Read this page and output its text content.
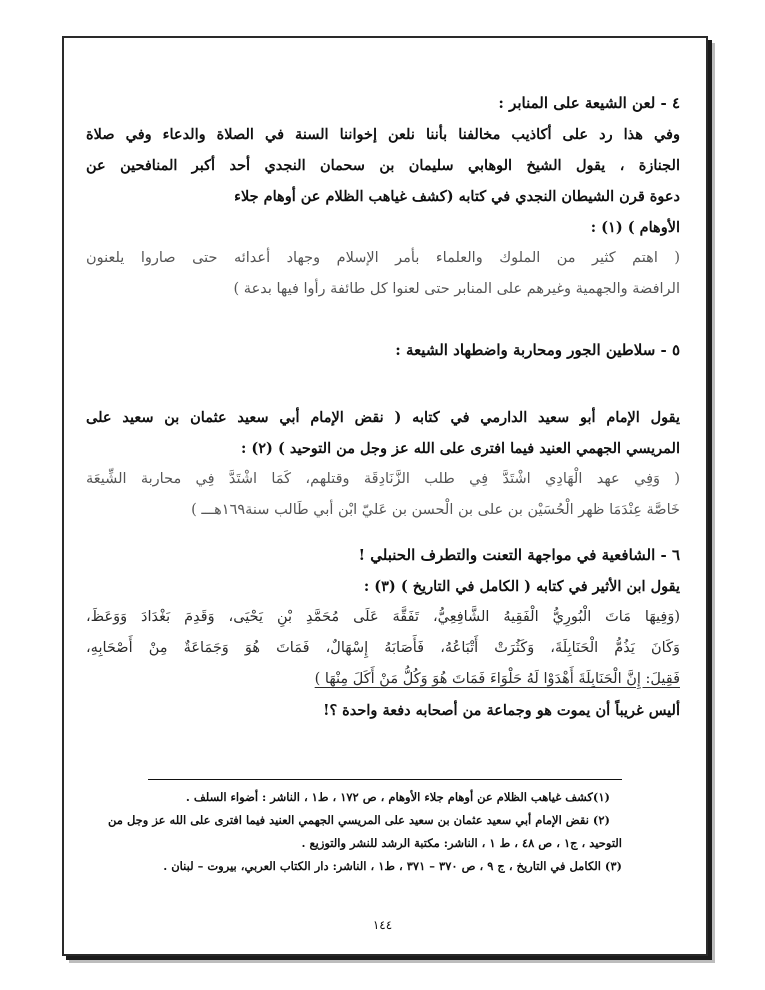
٤ - لعن الشيعة على المنابر :
وفي هذا رد على أكاذيب مخالفنا بأننا نلعن إخواننا السنة في الصلاة والدعاء وفي صلاة
الجنازة ، يقول الشيخ الوهابي سليمان بن سحمان النجدي أحد أكبر المنافحين عن
دعوة قرن الشيطان النجدي في كتابه (كشف غياهب الظلام عن أوهام جلاء
الأوهام ) (١) :
( اهتم كثير من الملوك والعلماء بأمر الإسلام وجهاد أعدائه حتى صاروا يلعنون
الرافضة والجهمية وغيرهم على المنابر حتى لعنوا كل طائفة رأوا فيها بدعة )
٥ - سلاطين الجور ومحاربة واضطهاد الشيعة :
يقول الإمام أبو سعيد الدارمي في كتابه ( نقض الإمام أبي سعيد عثمان بن سعيد على
المريسي الجهمي العنيد فيما افترى على الله عز وجل من التوحيد ) (٢) :
( وَفِي عهد الْهَادِي اشْتَدَّ فِي طلب الزَّنَادِقَة وقتلهم، كَمَا اشْتَدَّ فِي محاربة الشِّيعَة
خَاصَّة عِنْدَمَا ظهر الْحُسَيْن بن على بن الْحسن بن عَليّ ابْن أبي طَالب سنة١٦٩هـــ )
٦ - الشافعية في مواجهة التعنت والتطرف الحنبلي !
يقول ابن الأثير في كتابه ( الكامل في التاريخ ) (٣) :
(وَفِيهَا مَاتَ الْبُورِيُّ الْفَقِيهُ الشَّافِعِيُّ، تَفَقَّهَ عَلَى مُحَمَّدِ بْنِ يَحْيَى، وَقَدِمَ بَغْدَادَ وَوَعَظَ،
وَكَانَ يَذُمُّ الْحَنَابِلَةَ، وَكَثُرَتْ أَتْبَاعُهُ، فَأَصَابَهُ إِسْهَالٌ، فَمَاتَ هُوَ وَجَمَاعَةٌ مِنْ أَصْحَابِهِ،
فَقِيلَ: إِنَّ الْحَنَابِلَةَ أَهْدَوْا لَهُ حَلْوَاءَ فَمَاتَ هُوَ وَكُلُّ مَنْ أَكَلَ مِنْهَا )
أليس غريباً أن يموت هو وجماعة من أصحابه دفعة واحدة ؟!
(١)كشف غياهب الظلام عن أوهام جلاء الأوهام ، ص ١٧٢ ، ط١ ، الناشر : أضواء السلف .
(٢) نقض الإمام أبي سعيد عثمان بن سعيد على المريسي الجهمي العنيد فيما افترى على الله عز وجل من
التوحيد ، ج١ ، ص ٤٨ ، ط ١ ، الناشر: مكتبة الرشد للنشر والتوزيع .
(٣) الكامل في التاريخ ، ج ٩ ، ص ٣٧٠ – ٣٧١ ، ط١ ، الناشر: دار الكتاب العربي، بيروت – لبنان .
١٤٤
